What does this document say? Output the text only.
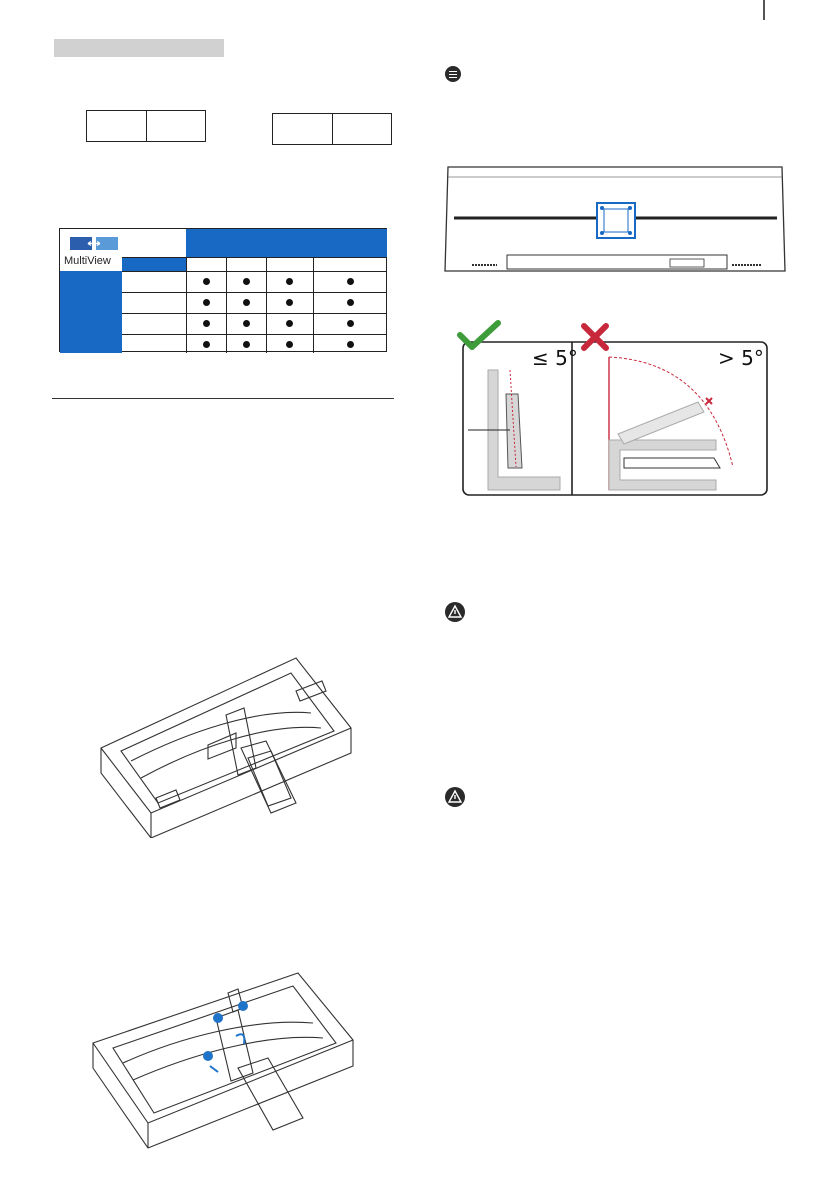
MultiView
≤ 5°	> 5°
